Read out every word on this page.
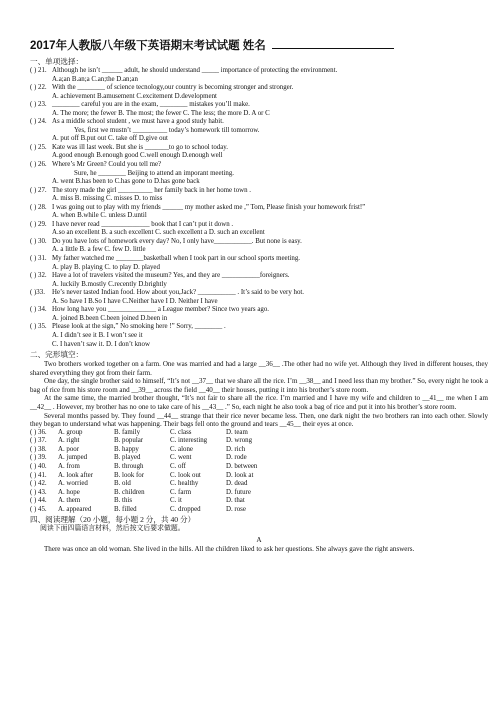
2017年人教版八年级下英语期末考试试题 姓名
一、单项选择：
( ) 21. Although he isn’t ______ adult, he should understand _____ importance of protecting the environment.
A.a;an B.an;a C.an;the D.an;an
( ) 22. With the ________ of science tecnology,our country is becoming stronger and stronger.
A. achievement B.amusement C.excitement D.development
( ) 23. ________ careful you are in the exam, ________ mistakes you’ll make.
A. The more; the fewer B. The most; the fewer C. The less; the more D. A or C
( ) 24. As a middle school student , we must have a good study habit.
Yes, first we mustn’t __________ today’s homework till tomorrow.
A. put off B.put out C. take off D.give out
( ) 25. Kate was ill last week. But she is _______to go to school today.
A.good enough B.enough good C.well enough D.enough well
( ) 26. Where’s Mr Green? Could you tell me?
Sure, he ________ Beijing to attend an imporant meeting.
A. went B.has been to C.has gone to D.has gone back
( ) 27. The story made the girl __________ her family back in her home town .
A. miss B. missing C. misses D. to miss
( ) 28. I was going out to play with my friends ______ my mother asked me ,” Tom, Please finish your homework frist!”
A. when B.while C. unless D.until
( ) 29. I have never read ______________ book that I can’t put it down .
A.so an excellent B. a such excellent C. such excellent a D. such an excellent
( ) 30. Do you have lots of homework every day? No, I only have___________. But none is easy.
A. a little B. a few C. few D. little
( ) 31. My father watched me ________basketball when I took part in our school sports meeting.
A. play B. playing C. to play D. played
( ) 32. Have a lot of travelers visited the museum? Yes, and they are ___________foreigners.
A. luckily B.mostly C.recently D.brightly
( )33. He’s never tasted Indian food. How about you,Jack? ___________ . It’s said to be very hot.
A. So have I B.So I have C.Neither have I D. Neither I have
( ) 34. How long have you ______________ a League member? Since two years ago.
A. joined B.been C.been joined D.been in
( ) 35. Please look at the sign,” No smoking here !” Sorry, ________ .
A. I didn’t see it B. I won’t see it
C. I haven’t saw it. D. I don’t know
二、完形填空：
Two brothers worked together on a farm. One was married and had a large __36__ .The other had no wife yet. Although they lived in different houses, they shared everything they got from their farm.
One day, the single brother said to himself, “It’s not __37__ that we share all the rice. I’m __38__ and I need less than my brother.” So, every night he took a bag of rice from his store room and __39__ across the field __40__ their houses, putting it into his brother’s store room.
At the same time, the married brother thought, “It’s not fair to share all the rice. I’m married and I have my wife and children to __41__ me when I am __42__ . However, my brother has no one to take care of his __43__ .” So, each night he also took a bag of rice and put it into his brother’s store room.
Several months passed by. They found __44__ strange that their rice never became less. Then, one dark night the two brothers ran into each other. Slowly they began to understand what was happening. Their bags fell onto the ground and tears __45__ their eyes at once.
( ) 36.	A. group	B. family	C. class	D. team
( ) 37.	A. right	B. popular	C. interesting	D. wrong
( ) 38.	A. poor	B. happy	C. alone	D. rich
( ) 39.	A. jumped	B. played	C. went	D. rode
( ) 40.	A. from	B. through	C. off	D. between
( ) 41.	A. look after	B. look for	C. look out	D. look at
( ) 42.	A. worried	B. old	C. healthy	D. dead
( ) 43.	A. hope	B. children	C. farm	D. future
( ) 44.	A. them	B. this	C. it	D. that
( ) 45.	A. appeared	B. filled	C. dropped	D. rose
四、阅读理解（20 小题，每小题 2 分，共 40 分）
阅读下面四篇语言材料，然后按文后要求做题。
A
There was once an old woman. She lived in the hills. All the children liked to ask her questions. She always gave the right answers.
